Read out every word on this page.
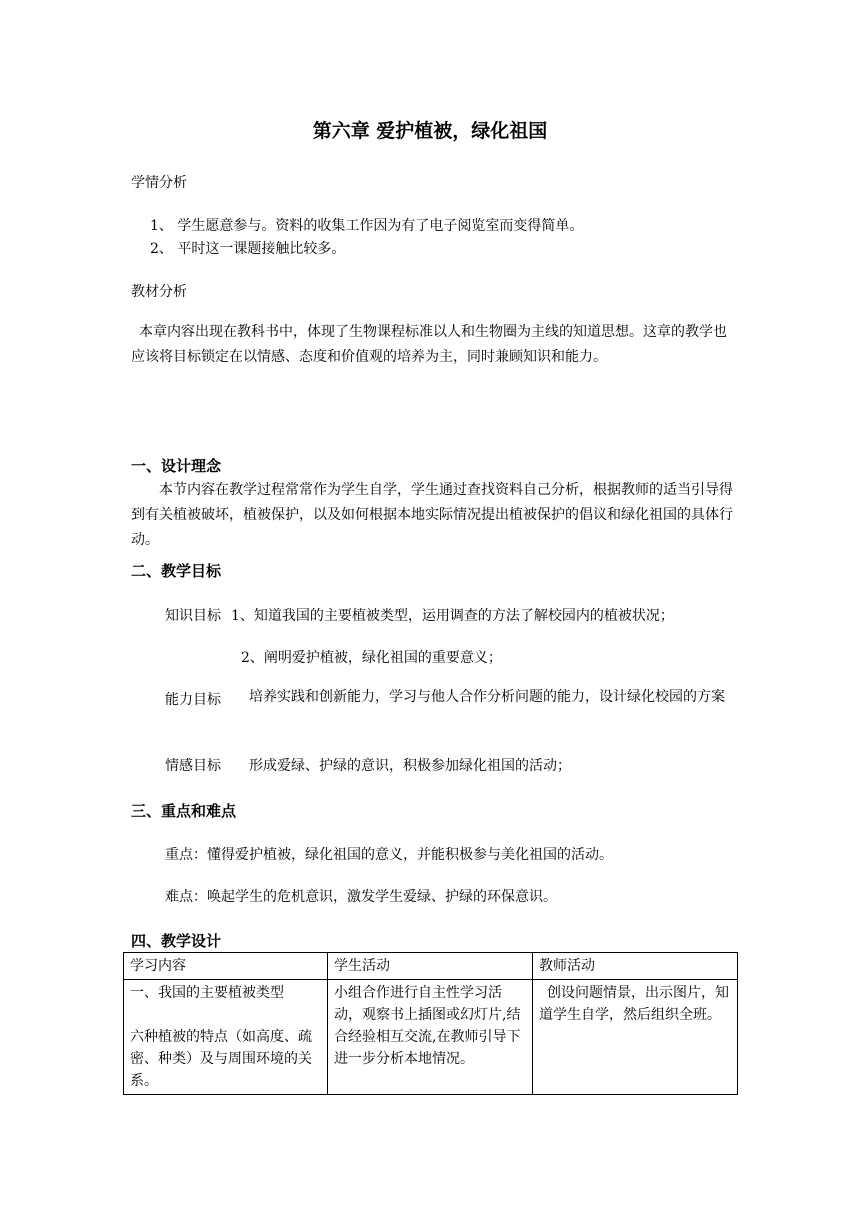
第六章 爱护植被，绿化祖国
学情分析
1、 学生愿意参与。资料的收集工作因为有了电子阅览室而变得简单。
2、 平时这一课题接触比较多。
教材分析
本章内容出现在教科书中，体现了生物课程标准以人和生物圈为主线的知道思想。这章的教学也应该将目标锁定在以情感、态度和价值观的培养为主，同时兼顾知识和能力。
一、设计理念
本节内容在教学过程常常作为学生自学，学生通过查找资料自己分析，根据教师的适当引导得到有关植被破坏，植被保护，以及如何根据本地实际情况提出植被保护的倡议和绿化祖国的具体行动。
二、教学目标
知识目标 1、知道我国的主要植被类型，运用调查的方法了解校园内的植被状况；
2、阐明爱护植被，绿化祖国的重要意义；
能力目标 培养实践和创新能力，学习与他人合作分析问题的能力，设计绿化校园的方案
情感目标 形成爱绿、护绿的意识，积极参加绿化祖国的活动；
三、重点和难点
重点：懂得爱护植被，绿化祖国的意义，并能积极参与美化祖国的活动。
难点：唤起学生的危机意识，激发学生爱绿、护绿的环保意识。
四、教学设计
学习内容	学生活动	教师活动

一、我国的主要植被类型

六种植被的特点（如高度、疏密、种类）及与周围环境的关系。	小组合作进行自主性学习活动，观察书上插图或幻灯片,结合经验相互交流,在教师引导下进一步分析本地情况。	创设问题情景，出示图片，知道学生自学，然后组织全班。
